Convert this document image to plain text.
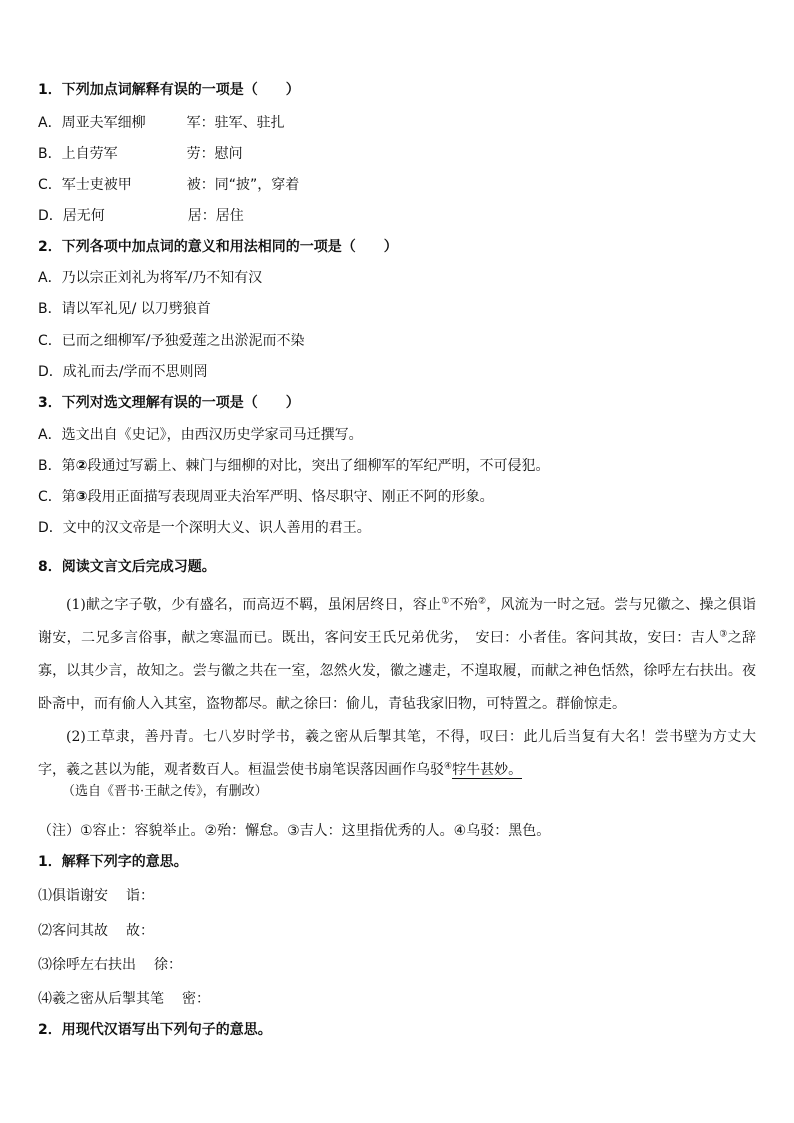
1．下列加点词解释有误的一项是（　　）
A．周亚夫军细柳	军：驻军、驻扎
B．上自劳军	劳：慰问
C．军士吏被甲	被：同“披”，穿着
D．居无何	居：居住
2．下列各项中加点词的意义和用法相同的一项是（　　）
A．乃以宗正刘礼为将军/乃不知有汉
B．请以军礼见/ 以刀劈狼首
C．已而之细柳军/予独爱莲之出淤泥而不染
D．成礼而去/学而不思则罔
3．下列对选文理解有误的一项是（　　）
A．选文出自《史记》，由西汉历史学家司马迁撰写。
B．第②段通过写霸上、棘门与细柳的对比，突出了细柳军的军纪严明，不可侵犯。
C．第③段用正面描写表现周亚夫治军严明、恪尽职守、刚正不阿的形象。
D．文中的汉文帝是一个深明大义、识人善用的君王。
8．阅读文言文后完成习题。

(1)献之字子敬，少有盛名，而高迈不羁，虽闲居终日，容止①不殆②，风流为一时之冠。尝与兄徽之、操之俱诣谢安，二兄多言俗事，献之寒温而已。既出，客问安王氏兄弟优劣，　安曰：小者佳。客问其故，安曰：吉人③之辞寡，以其少言，故知之。尝与徽之共在一室，忽然火发，徽之遽走，不遑取履，而献之神色恬然，徐呼左右扶出。夜卧斋中，而有偷人入其室，盗物都尽。献之徐曰：偷儿，青毡我家旧物，可特置之。群偷惊走。

(2)工草隶，善丹青。七八岁时学书，羲之密从后掣其笔，不得，叹曰：此儿后当复有大名！尝书壁为方丈大字，羲之甚以为能，观者数百人。桓温尝使书扇笔误落因画作乌驳④牸牛甚妙。

（选自《晋书·王献之传》，有删改）
（注）①容止：容貌举止。②殆：懈怠。③吉人：这里指优秀的人。④乌驳：黑色。
1．解释下列字的意思。
⑴俱诣谢安 诣：
⑵客问其故 故：
⑶徐呼左右扶出 徐：
⑷羲之密从后掣其笔 密：
2．用现代汉语写出下列句子的意思。
